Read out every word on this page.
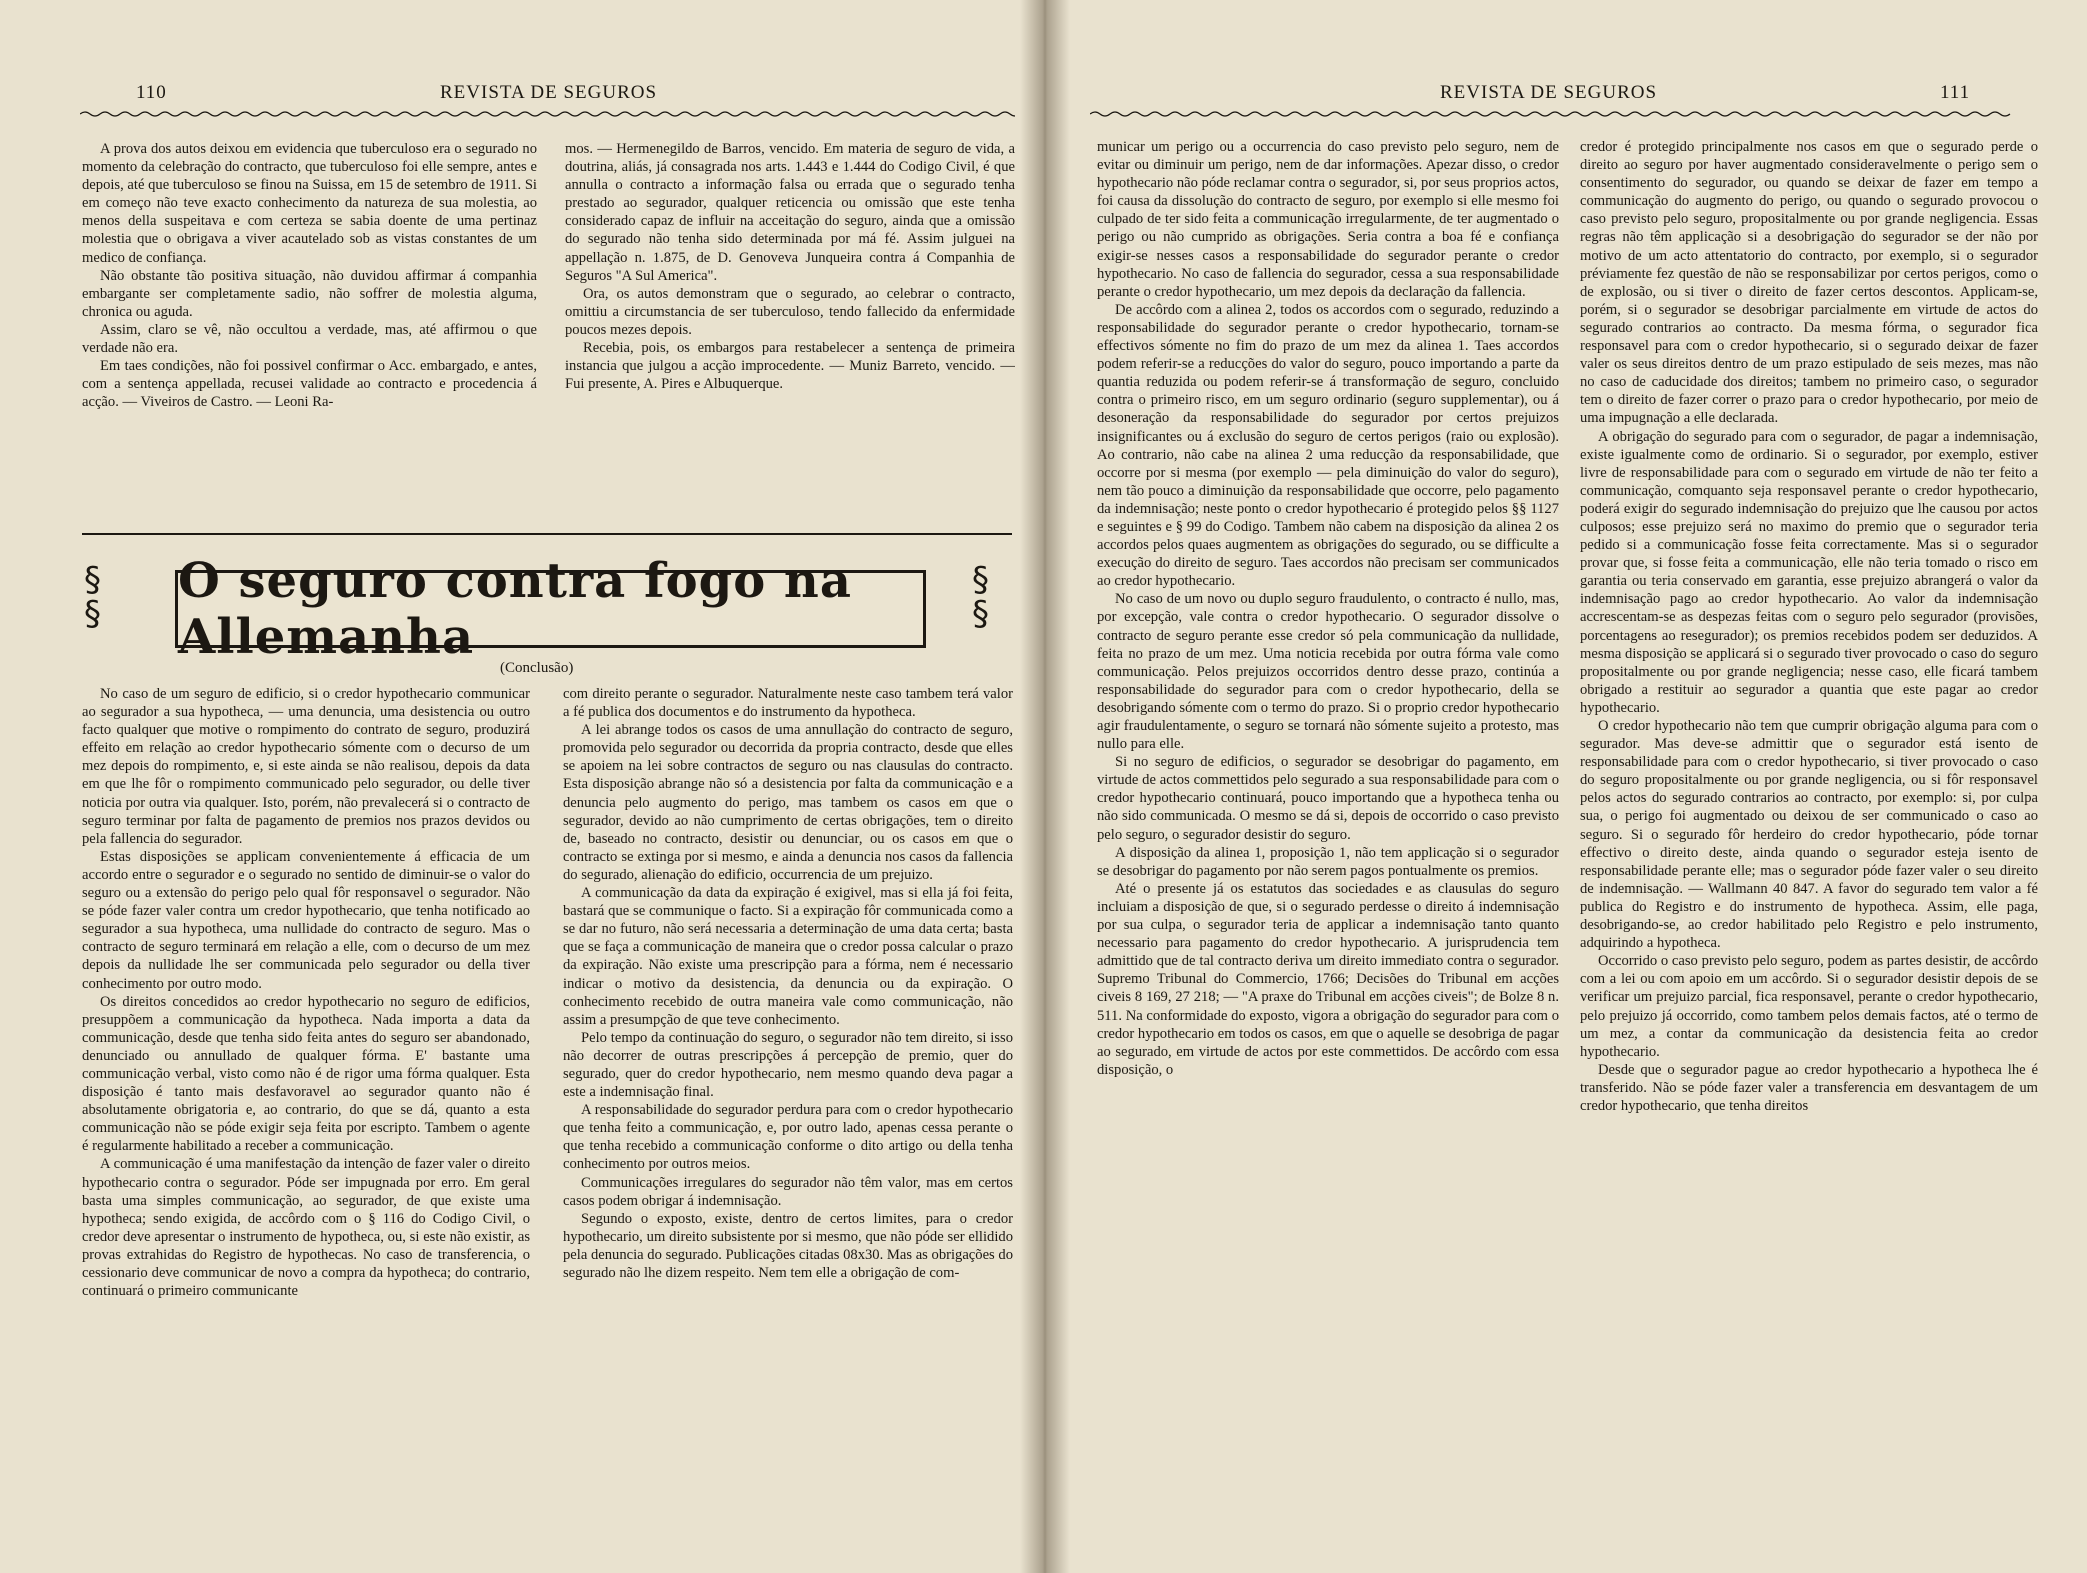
110	REVISTA DE SEGUROS

A prova dos autos deixou em evidencia que tuberculoso era o segurado no momento da celebração do contracto, que tuberculoso foi elle sempre, antes e depois, até que tuberculoso se finou na Suissa, em 15 de setembro de 1911. Si em começo não teve exacto conhecimento da natureza de sua molestia, ao menos della suspeitava e com certeza se sabia doente de uma pertinaz molestia que o obrigava a viver acautelado sob as vistas constantes de um medico de confiança.

Não obstante tão positiva situação, não duvidou affirmar á companhia embargante ser completamente sadio, não soffrer de molestia alguma, chronica ou aguda.

Assim, claro se vê, não occultou a verdade, mas, até affirmou o que verdade não era.

Em taes condições, não foi possivel confirmar o Acc. embargado, e antes, com a sentença appellada, recusei validade ao contracto e procedencia á acção. — Viveiros de Castro. — Leoni Ra-

mos. — Hermenegildo de Barros, vencido. Em materia de seguro de vida, a doutrina, aliás, já consagrada nos arts. 1.443 e 1.444 do Codigo Civil, é que annulla o contracto a informação falsa ou errada que o segurado tenha prestado ao segurador, qualquer reticencia ou omissão que este tenha considerado capaz de influir na acceitação do seguro, ainda que a omissão do segurado não tenha sido determinada por má fé. Assim julguei na appellação n. 1.875, de D. Genoveva Junqueira contra á Companhia de Seguros "A Sul America".

Ora, os autos demonstram que o segurado, ao celebrar o contracto, omittiu a circumstancia de ser tuberculoso, tendo fallecido da enfermidade poucos mezes depois.

Recebia, pois, os embargos para restabelecer a sentença de primeira instancia que julgou a acção improcedente. — Muniz Barreto, vencido. — Fui presente, A. Pires e Albuquerque.

§
§
§
§
O seguro contra fogo na Allemanha
(Conclusão)

No caso de um seguro de edificio, si o credor hypothecario communicar ao segurador a sua hypotheca, — uma denuncia, uma desistencia ou outro facto qualquer que motive o rompimento do contrato de seguro, produzirá effeito em relação ao credor hypothecario sómente com o decurso de um mez depois do rompimento, e, si este ainda se não realisou, depois da data em que lhe fôr o rompimento communicado pelo segurador, ou delle tiver noticia por outra via qualquer. Isto, porém, não prevalecerá si o contracto de seguro terminar por falta de pagamento de premios nos prazos devidos ou pela fallencia do segurador.

Estas disposições se applicam convenientemente á efficacia de um accordo entre o segurador e o segurado no sentido de diminuir-se o valor do seguro ou a extensão do perigo pelo qual fôr responsavel o segurador. Não se póde fazer valer contra um credor hypothecario, que tenha notificado ao segurador a sua hypotheca, uma nullidade do contracto de seguro. Mas o contracto de seguro terminará em relação a elle, com o decurso de um mez depois da nullidade lhe ser communicada pelo segurador ou della tiver conhecimento por outro modo.

Os direitos concedidos ao credor hypothecario no seguro de edificios, presuppõem a communicação da hypotheca. Nada importa a data da communicação, desde que tenha sido feita antes do seguro ser abandonado, denunciado ou annullado de qualquer fórma. E' bastante uma communicação verbal, visto como não é de rigor uma fórma qualquer. Esta disposição é tanto mais desfavoravel ao segurador quanto não é absolutamente obrigatoria e, ao contrario, do que se dá, quanto a esta communicação não se póde exigir seja feita por escripto. Tambem o agente é regularmente habilitado a receber a communicação.

A communicação é uma manifestação da intenção de fazer valer o direito hypothecario contra o segurador. Póde ser impugnada por erro. Em geral basta uma simples communicação, ao segurador, de que existe uma hypotheca; sendo exigida, de accôrdo com o § 116 do Codigo Civil, o credor deve apresentar o instrumento de hypotheca, ou, si este não existir, as provas extrahidas do Registro de hypothecas. No caso de transferencia, o cessionario deve communicar de novo a compra da hypotheca; do contrario, continuará o primeiro communicante

com direito perante o segurador. Naturalmente neste caso tambem terá valor a fé publica dos documentos e do instrumento da hypotheca.

A lei abrange todos os casos de uma annullação do contracto de seguro, promovida pelo segurador ou decorrida da propria contracto, desde que elles se apoiem na lei sobre contractos de seguro ou nas clausulas do contracto. Esta disposição abrange não só a desistencia por falta da communicação e a denuncia pelo augmento do perigo, mas tambem os casos em que o segurador, devido ao não cumprimento de certas obrigações, tem o direito de, baseado no contracto, desistir ou denunciar, ou os casos em que o contracto se extinga por si mesmo, e ainda a denuncia nos casos da fallencia do segurado, alienação do edificio, occurrencia de um prejuizo.

A communicação da data da expiração é exigivel, mas si ella já foi feita, bastará que se communique o facto. Si a expiração fôr communicada como a se dar no futuro, não será necessaria a determinação de uma data certa; basta que se faça a communicação de maneira que o credor possa calcular o prazo da expiração. Não existe uma prescripção para a fórma, nem é necessario indicar o motivo da desistencia, da denuncia ou da expiração. O conhecimento recebido de outra maneira vale como communicação, não assim a presumpção de que teve conhecimento.

Pelo tempo da continuação do seguro, o segurador não tem direito, si isso não decorrer de outras prescripções á percepção de premio, quer do segurado, quer do credor hypothecario, nem mesmo quando deva pagar a este a indemnisação final.

A responsabilidade do segurador perdura para com o credor hypothecario que tenha feito a communicação, e, por outro lado, apenas cessa perante o que tenha recebido a communicação conforme o dito artigo ou della tenha conhecimento por outros meios.

Communicações irregulares do segurador não têm valor, mas em certos casos podem obrigar á indemnisação.

Segundo o exposto, existe, dentro de certos limites, para o credor hypothecario, um direito subsistente por si mesmo, que não póde ser ellidido pela denuncia do segurado. Publicações citadas 08x30. Mas as obrigações do segurado não lhe dizem respeito. Nem tem elle a obrigação de com-

REVISTA DE SEGUROS	111

municar um perigo ou a occurrencia do caso previsto pelo seguro, nem de evitar ou diminuir um perigo, nem de dar informações. Apezar disso, o credor hypothecario não póde reclamar contra o segurador, si, por seus proprios actos, foi causa da dissolução do contracto de seguro, por exemplo si elle mesmo foi culpado de ter sido feita a communicação irregularmente, de ter augmentado o perigo ou não cumprido as obrigações. Seria contra a boa fé e confiança exigir-se nesses casos a responsabilidade do segurador perante o credor hypothecario. No caso de fallencia do segurador, cessa a sua responsabilidade perante o credor hypothecario, um mez depois da declaração da fallencia.

De accôrdo com a alinea 2, todos os accordos com o segurado, reduzindo a responsabilidade do segurador perante o credor hypothecario, tornam-se effectivos sómente no fim do prazo de um mez da alinea 1. Taes accordos podem referir-se a reducções do valor do seguro, pouco importando a parte da quantia reduzida ou podem referir-se á transformação de seguro, concluido contra o primeiro risco, em um seguro ordinario (seguro supplementar), ou á desoneração da responsabilidade do segurador por certos prejuizos insignificantes ou á exclusão do seguro de certos perigos (raio ou explosão). Ao contrario, não cabe na alinea 2 uma reducção da responsabilidade, que occorre por si mesma (por exemplo — pela diminuição do valor do seguro), nem tão pouco a diminuição da responsabilidade que occorre, pelo pagamento da indemnisação; neste ponto o credor hypothecario é protegido pelos §§ 1127 e seguintes e § 99 do Codigo. Tambem não cabem na disposição da alinea 2 os accordos pelos quaes augmentem as obrigações do segurado, ou se difficulte a execução do direito de seguro. Taes accordos não precisam ser communicados ao credor hypothecario.

No caso de um novo ou duplo seguro fraudulento, o contracto é nullo, mas, por excepção, vale contra o credor hypothecario. O segurador dissolve o contracto de seguro perante esse credor só pela communicação da nullidade, feita no prazo de um mez. Uma noticia recebida por outra fórma vale como communicação. Pelos prejuizos occorridos dentro desse prazo, continúa a responsabilidade do segurador para com o credor hypothecario, della se desobrigando sómente com o termo do prazo. Si o proprio credor hypothecario agir fraudulentamente, o seguro se tornará não sómente sujeito a protesto, mas nullo para elle.

Si no seguro de edificios, o segurador se desobrigar do pagamento, em virtude de actos commettidos pelo segurado a sua responsabilidade para com o credor hypothecario continuará, pouco importando que a hypotheca tenha ou não sido communicada. O mesmo se dá si, depois de occorrido o caso previsto pelo seguro, o segurador desistir do seguro.

A disposição da alinea 1, proposição 1, não tem applicação si o segurador se desobrigar do pagamento por não serem pagos pontualmente os premios.

Até o presente já os estatutos das sociedades e as clausulas do seguro incluiam a disposição de que, si o segurado perdesse o direito á indemnisação por sua culpa, o segurador teria de applicar a indemnisação tanto quanto necessario para pagamento do credor hypothecario. A jurisprudencia tem admittido que de tal contracto deriva um direito immediato contra o segurador. Supremo Tribunal do Commercio, 1766; Decisões do Tribunal em acções civeis 8 169, 27 218; — "A praxe do Tribunal em acções civeis"; de Bolze 8 n. 511. Na conformidade do exposto, vigora a obrigação do segurador para com o credor hypothecario em todos os casos, em que o aquelle se desobriga de pagar ao segurado, em virtude de actos por este commettidos. De accôrdo com essa disposição, o

credor é protegido principalmente nos casos em que o segurado perde o direito ao seguro por haver augmentado consideravelmente o perigo sem o consentimento do segurador, ou quando se deixar de fazer em tempo a communicação do augmento do perigo, ou quando o segurado provocou o caso previsto pelo seguro, propositalmente ou por grande negligencia. Essas regras não têm applicação si a desobrigação do segurador se der não por motivo de um acto attentatorio do contracto, por exemplo, si o segurador préviamente fez questão de não se responsabilizar por certos perigos, como o de explosão, ou si tiver o direito de fazer certos descontos. Applicam-se, porém, si o segurador se desobrigar parcialmente em virtude de actos do segurado contrarios ao contracto. Da mesma fórma, o segurador fica responsavel para com o credor hypothecario, si o segurado deixar de fazer valer os seus direitos dentro de um prazo estipulado de seis mezes, mas não no caso de caducidade dos direitos; tambem no primeiro caso, o segurador tem o direito de fazer correr o prazo para o credor hypothecario, por meio de uma impugnação a elle declarada.

A obrigação do segurado para com o segurador, de pagar a indemnisação, existe igualmente como de ordinario. Si o segurador, por exemplo, estiver livre de responsabilidade para com o segurado em virtude de não ter feito a communicação, comquanto seja responsavel perante o credor hypothecario, poderá exigir do segurado indemnisação do prejuizo que lhe causou por actos culposos; esse prejuizo será no maximo do premio que o segurador teria pedido si a communicação fosse feita correctamente. Mas si o segurador provar que, si fosse feita a communicação, elle não teria tomado o risco em garantia ou teria conservado em garantia, esse prejuizo abrangerá o valor da indemnisação pago ao credor hypothecario. Ao valor da indemnisação accrescentam-se as despezas feitas com o seguro pelo segurador (provisões, porcentagens ao resegurador); os premios recebidos podem ser deduzidos. A mesma disposição se applicará si o segurado tiver provocado o caso do seguro propositalmente ou por grande negligencia; nesse caso, elle ficará tambem obrigado a restituir ao segurador a quantia que este pagar ao credor hypothecario.

O credor hypothecario não tem que cumprir obrigação alguma para com o segurador. Mas deve-se admittir que o segurador está isento de responsabilidade para com o credor hypothecario, si tiver provocado o caso do seguro propositalmente ou por grande negligencia, ou si fôr responsavel pelos actos do segurado contrarios ao contracto, por exemplo: si, por culpa sua, o perigo foi augmentado ou deixou de ser communicado o caso ao seguro. Si o segurado fôr herdeiro do credor hypothecario, póde tornar effectivo o direito deste, ainda quando o segurador esteja isento de responsabilidade perante elle; mas o segurador póde fazer valer o seu direito de indemnisação. — Wallmann 40 847. A favor do segurado tem valor a fé publica do Registro e do instrumento de hypotheca. Assim, elle paga, desobrigando-se, ao credor habilitado pelo Registro e pelo instrumento, adquirindo a hypotheca.

Occorrido o caso previsto pelo seguro, podem as partes desistir, de accôrdo com a lei ou com apoio em um accôrdo. Si o segurador desistir depois de se verificar um prejuizo parcial, fica responsavel, perante o credor hypothecario, pelo prejuizo já occorrido, como tambem pelos demais factos, até o termo de um mez, a contar da communicação da desistencia feita ao credor hypothecario.

Desde que o segurador pague ao credor hypothecario a hypotheca lhe é transferido. Não se póde fazer valer a transferencia em desvantagem de um credor hypothecario, que tenha direitos
